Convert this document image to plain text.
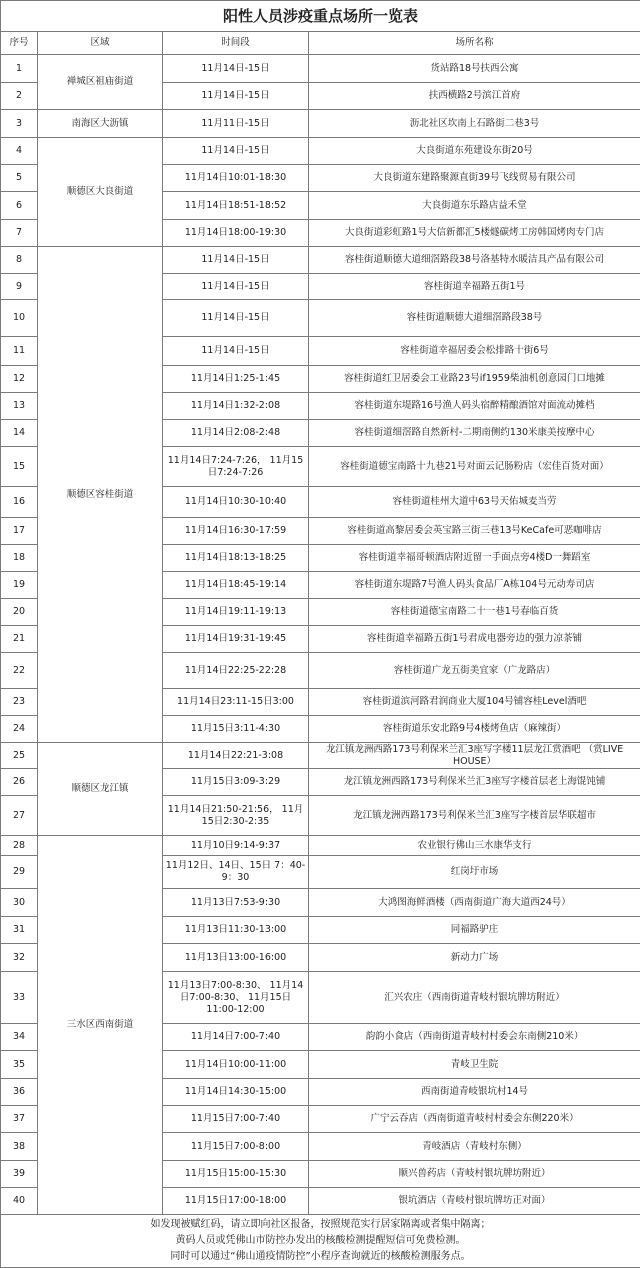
阳性人员涉疫重点场所一览表			
序号	区域	时间段	场所名称
1	禅城区祖庙街道	11月14日-15日	货站路18号扶西公寓
2		11月14日-15日	扶西横路2号滨江首府
3	南海区大沥镇	11月11日-15日	沥北社区坎南上石路街二巷3号
4	顺德区大良街道	11月14日-15日	大良街道东苑建设东街20号
5		11月14日10:01-18:30	大良街道东建路聚源直街39号飞线贸易有限公司
6		11月14日18:51-18:52	大良街道东乐路店益禾堂
7		11月14日18:00-19:30	大良街道彩虹路1号大信新都汇5楼燧碳烤工房韩国烤肉专门店
8	顺德区容桂街道	11月14日-15日	容桂街道顺德大道细滘路段38号洛基特水暖洁具产品有限公司
9		11月14日-15日	容桂街道幸福路五街1号
10		11月14日-15日	容桂街道顺德大道细滘路段38号
11		11月14日-15日	容桂街道幸福居委会松排路十街6号
12		11月14日1:25-1:45	容桂街道红卫居委会工业路23号if1959柴油机创意园门口地摊
13		11月14日1:32-2:08	容桂街道东堤路16号渔人码头宿醉精酿酒馆对面流动摊档
14		11月14日2:08-2:48	容桂街道细滘路自然新村-二期南侧约130米康美按摩中心
15		11月14日7:24-7:26， 11月15日7:24-7:26	容桂街道德宝南路十九巷21号对面云记肠粉店（宏佳百货对面）
16		11月14日10:30-10:40	容桂街道桂州大道中63号天佑城麦当劳
17		11月14日16:30-17:59	容桂街道高黎居委会英宝路三街三巷13号KeCafe可恶咖啡店
18		11月14日18:13-18:25	容桂街道幸福哥顿酒店附近留一手面点旁4楼D一舞蹈室
19		11月14日18:45-19:14	容桂街道东堤路7号渔人码头食品厂A栋104号元动寿司店
20		11月14日19:11-19:13	容桂街道德宝南路二十一巷1号春临百货
21		11月14日19:31-19:45	容桂街道幸福路五街1号君成电器旁边的强力凉茶铺
22		11月14日22:25-22:28	容桂街道广龙五街美宜家（广龙路店）
23		11月14日23:11-15日3:00	容桂街道滨河路君润商业大厦104号铺容桂Level酒吧
24		11月15日3:11-4:30	容桂街道乐安北路9号4楼烤鱼店（麻辣街）
25	顺德区龙江镇	11月14日22:21-3:08	龙江镇龙洲西路173号利保米兰汇3座写字楼11层龙江赏酒吧 （赏LIVE HOUSE）
26		11月15日3:09-3:29	龙江镇龙洲西路173号利保米兰汇3座写字楼首层老上海馄饨铺
27		11月14日21:50-21:56， 11月15日2:30-2:35	龙江镇龙洲西路173号利保米兰汇3座写字楼首层华联超市
28	三水区西南街道	11月10日9:14-9:37	农业银行佛山三水康华支行
29		11月12日、14日、15日 7：40-9：30	红岗圩市场
30		11月13日7:53-9:30	大鸿图海鲜酒楼（西南街道广海大道西24号）
31		11月13日11:30-13:00	同福路驴庄
32		11月13日13:00-16:00	新动力广场
33		11月13日7:00-8:30、 11月14日7:00-8:30、 11月15日11:00-12:00	汇兴农庄（西南街道青岐村银坑牌坊附近）
34		11月14日7:00-7:40	韵韵小食店（西南街道青岐村村委会东南侧210米）
35		11月14日10:00-11:00	青岐卫生院
36		11月14日14:30-15:00	西南街道青岐银坑村14号
37		11月15日7:00-7:40	广宁云吞店（西南街道青岐村村委会东侧220米）
38		11月15日7:00-8:00	青岐酒店（青岐村东侧）
39		11月15日15:00-15:30	顺兴兽药店（青岐村银坑牌坊附近）
40		11月15日17:00-18:00	银坑酒店（青岐村银坑牌坊正对面）

如发现被赋红码，请立即向社区报备，按照规范实行居家隔离或者集中隔离；
黄码人员或凭佛山市防控办发出的核酸检测提醒短信可免费检测。
同时可以通过“佛山通疫情防控”小程序查询就近的核酸检测服务点。			
